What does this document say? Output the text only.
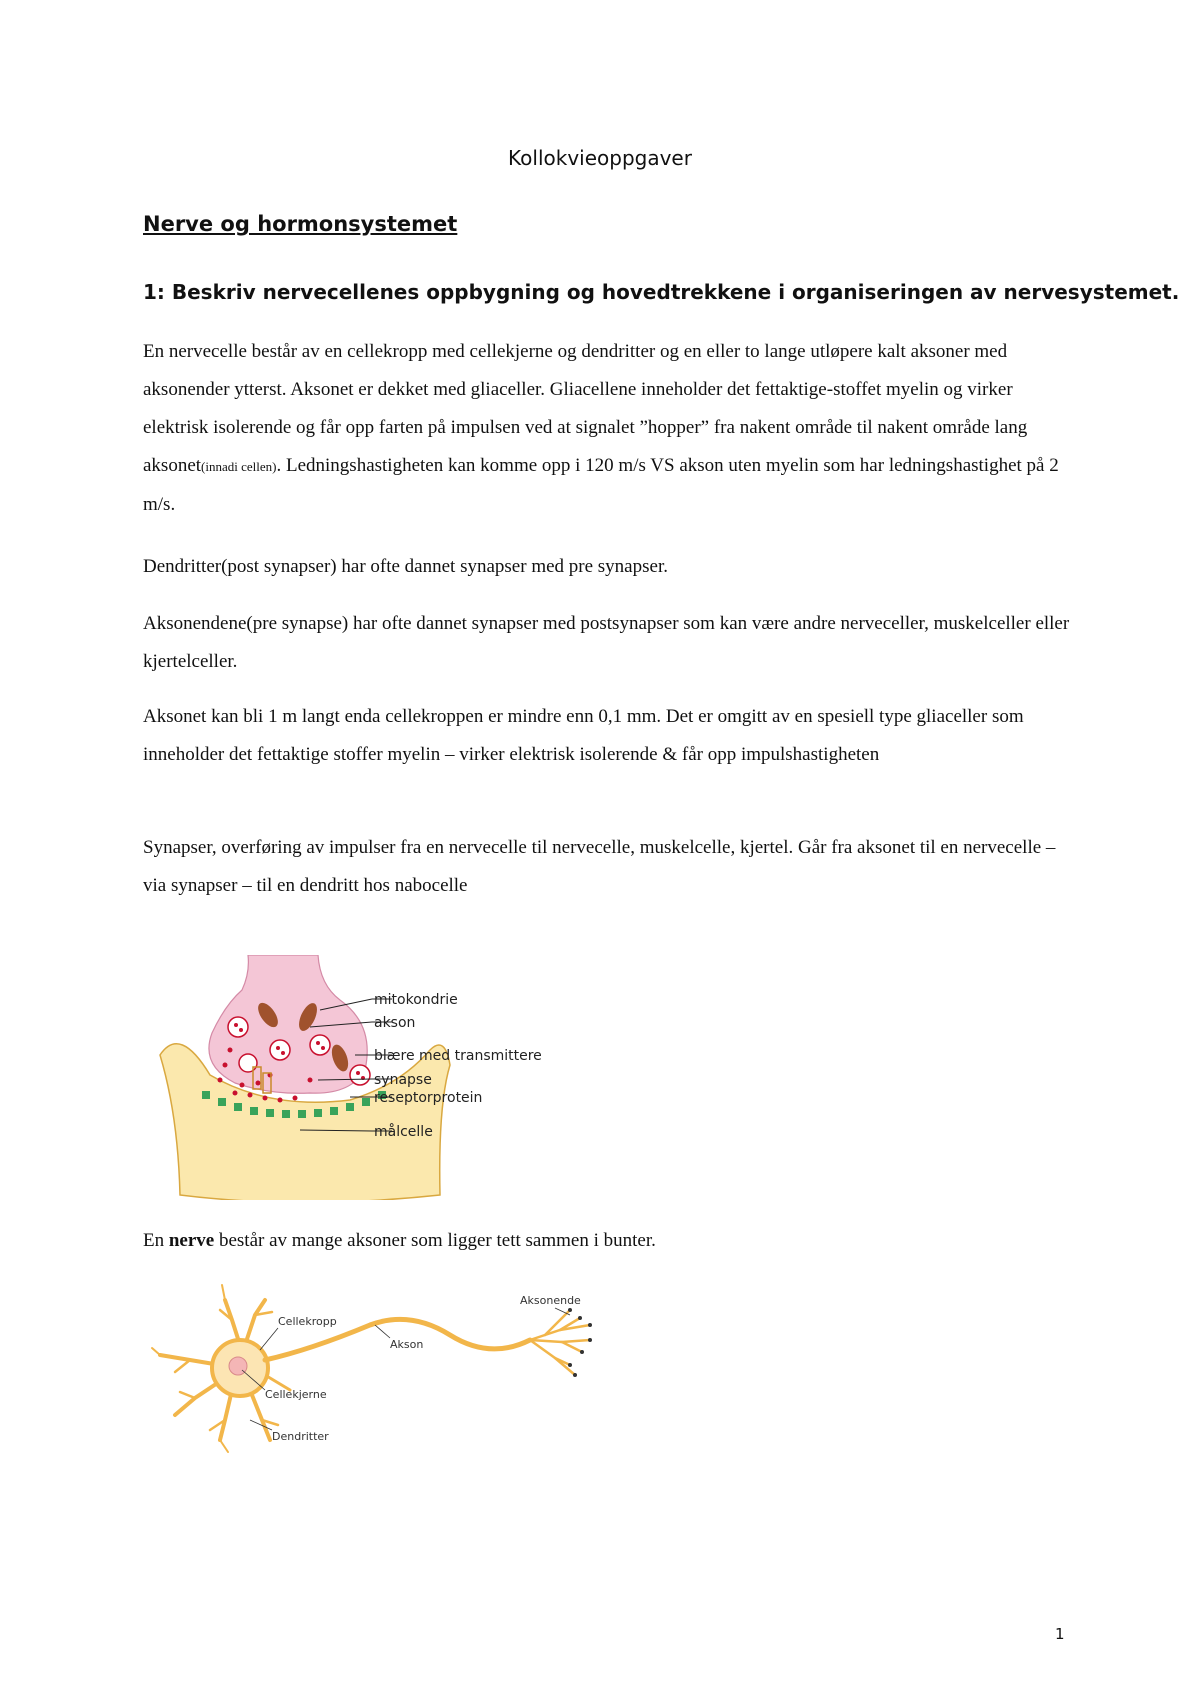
Kollokvieoppgaver
Nerve og hormonsystemet
1: Beskriv nervecellenes oppbygning og hovedtrekkene i organiseringen av nervesystemet.

En nervecelle består av en cellekropp med cellekjerne og dendritter og en eller to lange utløpere kalt aksoner med aksonender ytterst. Aksonet er dekket med gliaceller. Gliacellene inneholder det fettaktige-stoffet myelin og virker elektrisk isolerende og får opp farten på impulsen ved at signalet ”hopper” fra nakent område til nakent område lang aksonet(innadi cellen). Ledningshastigheten kan komme opp i 120 m/s VS akson uten myelin som har ledningshastighet på 2 m/s.

Dendritter(post synapser) har ofte dannet synapser med pre synapser.

Aksonendene(pre synapse) har ofte dannet synapser med postsynapser som kan være andre nerveceller, muskelceller eller kjertelceller.

Aksonet kan bli 1 m langt enda cellekroppen er mindre enn 0,1 mm. Det er omgitt av en spesiell type gliaceller som inneholder det fettaktige stoffer myelin – virker elektrisk isolerende & får opp impulshastigheten

Synapser, overføring av impulser fra en nervecelle til nervecelle, muskelcelle, kjertel. Går fra aksonet til en nervecelle – via synapser – til en dendritt hos nabocelle

mitokondrie
akson
blære med transmittere
synapse
reseptorprotein
målcelle

En nerve består av mange aksoner som ligger tett sammen i bunter.

Cellekropp
Cellekjerne
Dendritter
Akson
Aksonende
1
